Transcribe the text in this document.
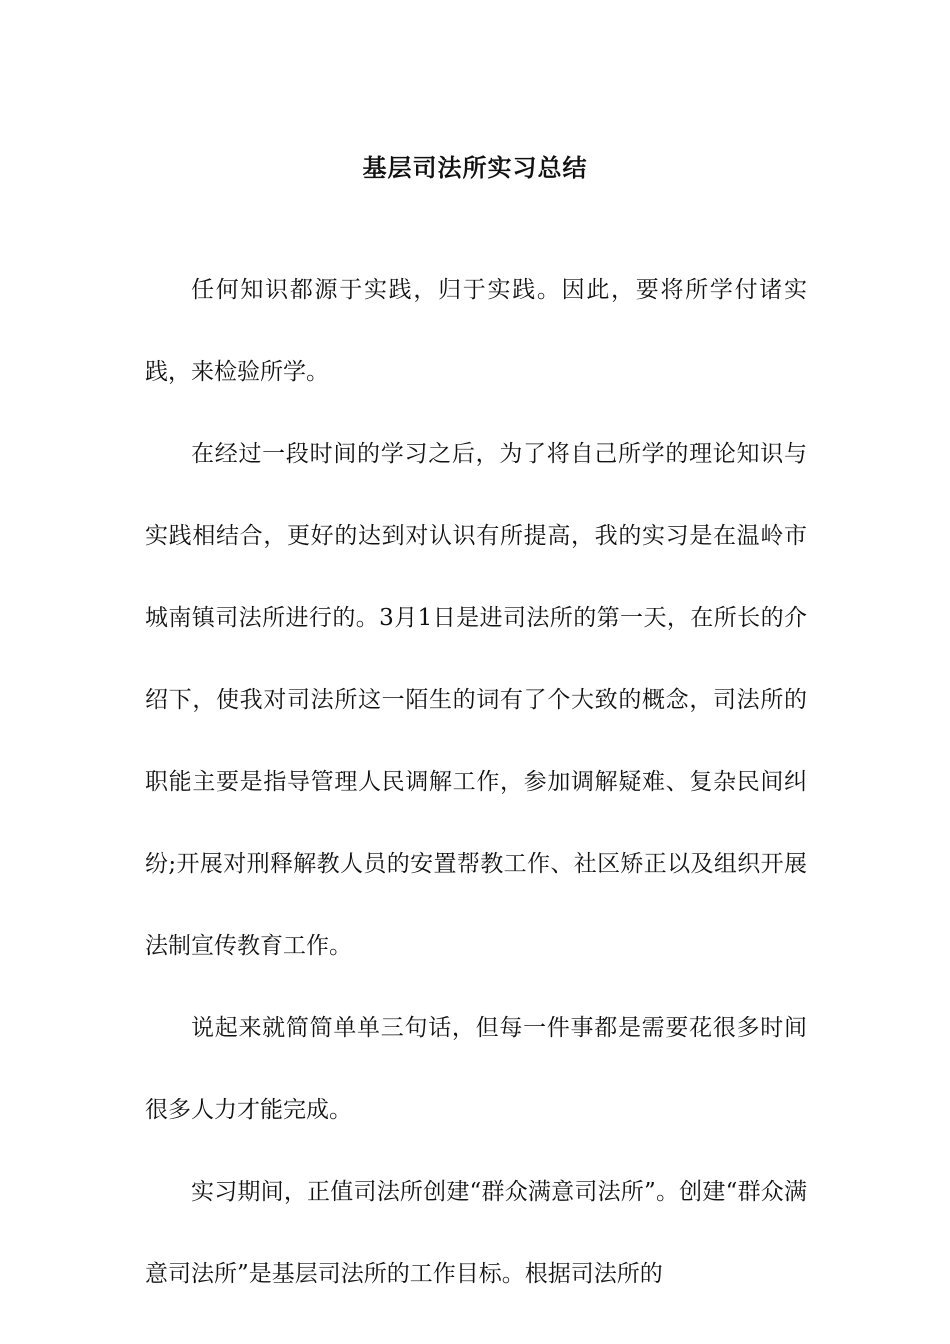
基层司法所实习总结

任何知识都源于实践，归于实践。因此，要将所学付诸实践，来检验所学。

在经过一段时间的学习之后，为了将自己所学的理论知识与实践相结合，更好的达到对认识有所提高，我的实习是在温岭市城南镇司法所进行的。3月1日是进司法所的第一天，在所长的介绍下，使我对司法所这一陌生的词有了个大致的概念，司法所的职能主要是指导管理人民调解工作，参加调解疑难、复杂民间纠纷;开展对刑释解教人员的安置帮教工作、社区矫正以及组织开展法制宣传教育工作。

说起来就简简单单三句话，但每一件事都是需要花很多时间很多人力才能完成。

实习期间，正值司法所创建“群众满意司法所”。创建“群众满意司法所”是基层司法所的工作目标。根据司法所的
